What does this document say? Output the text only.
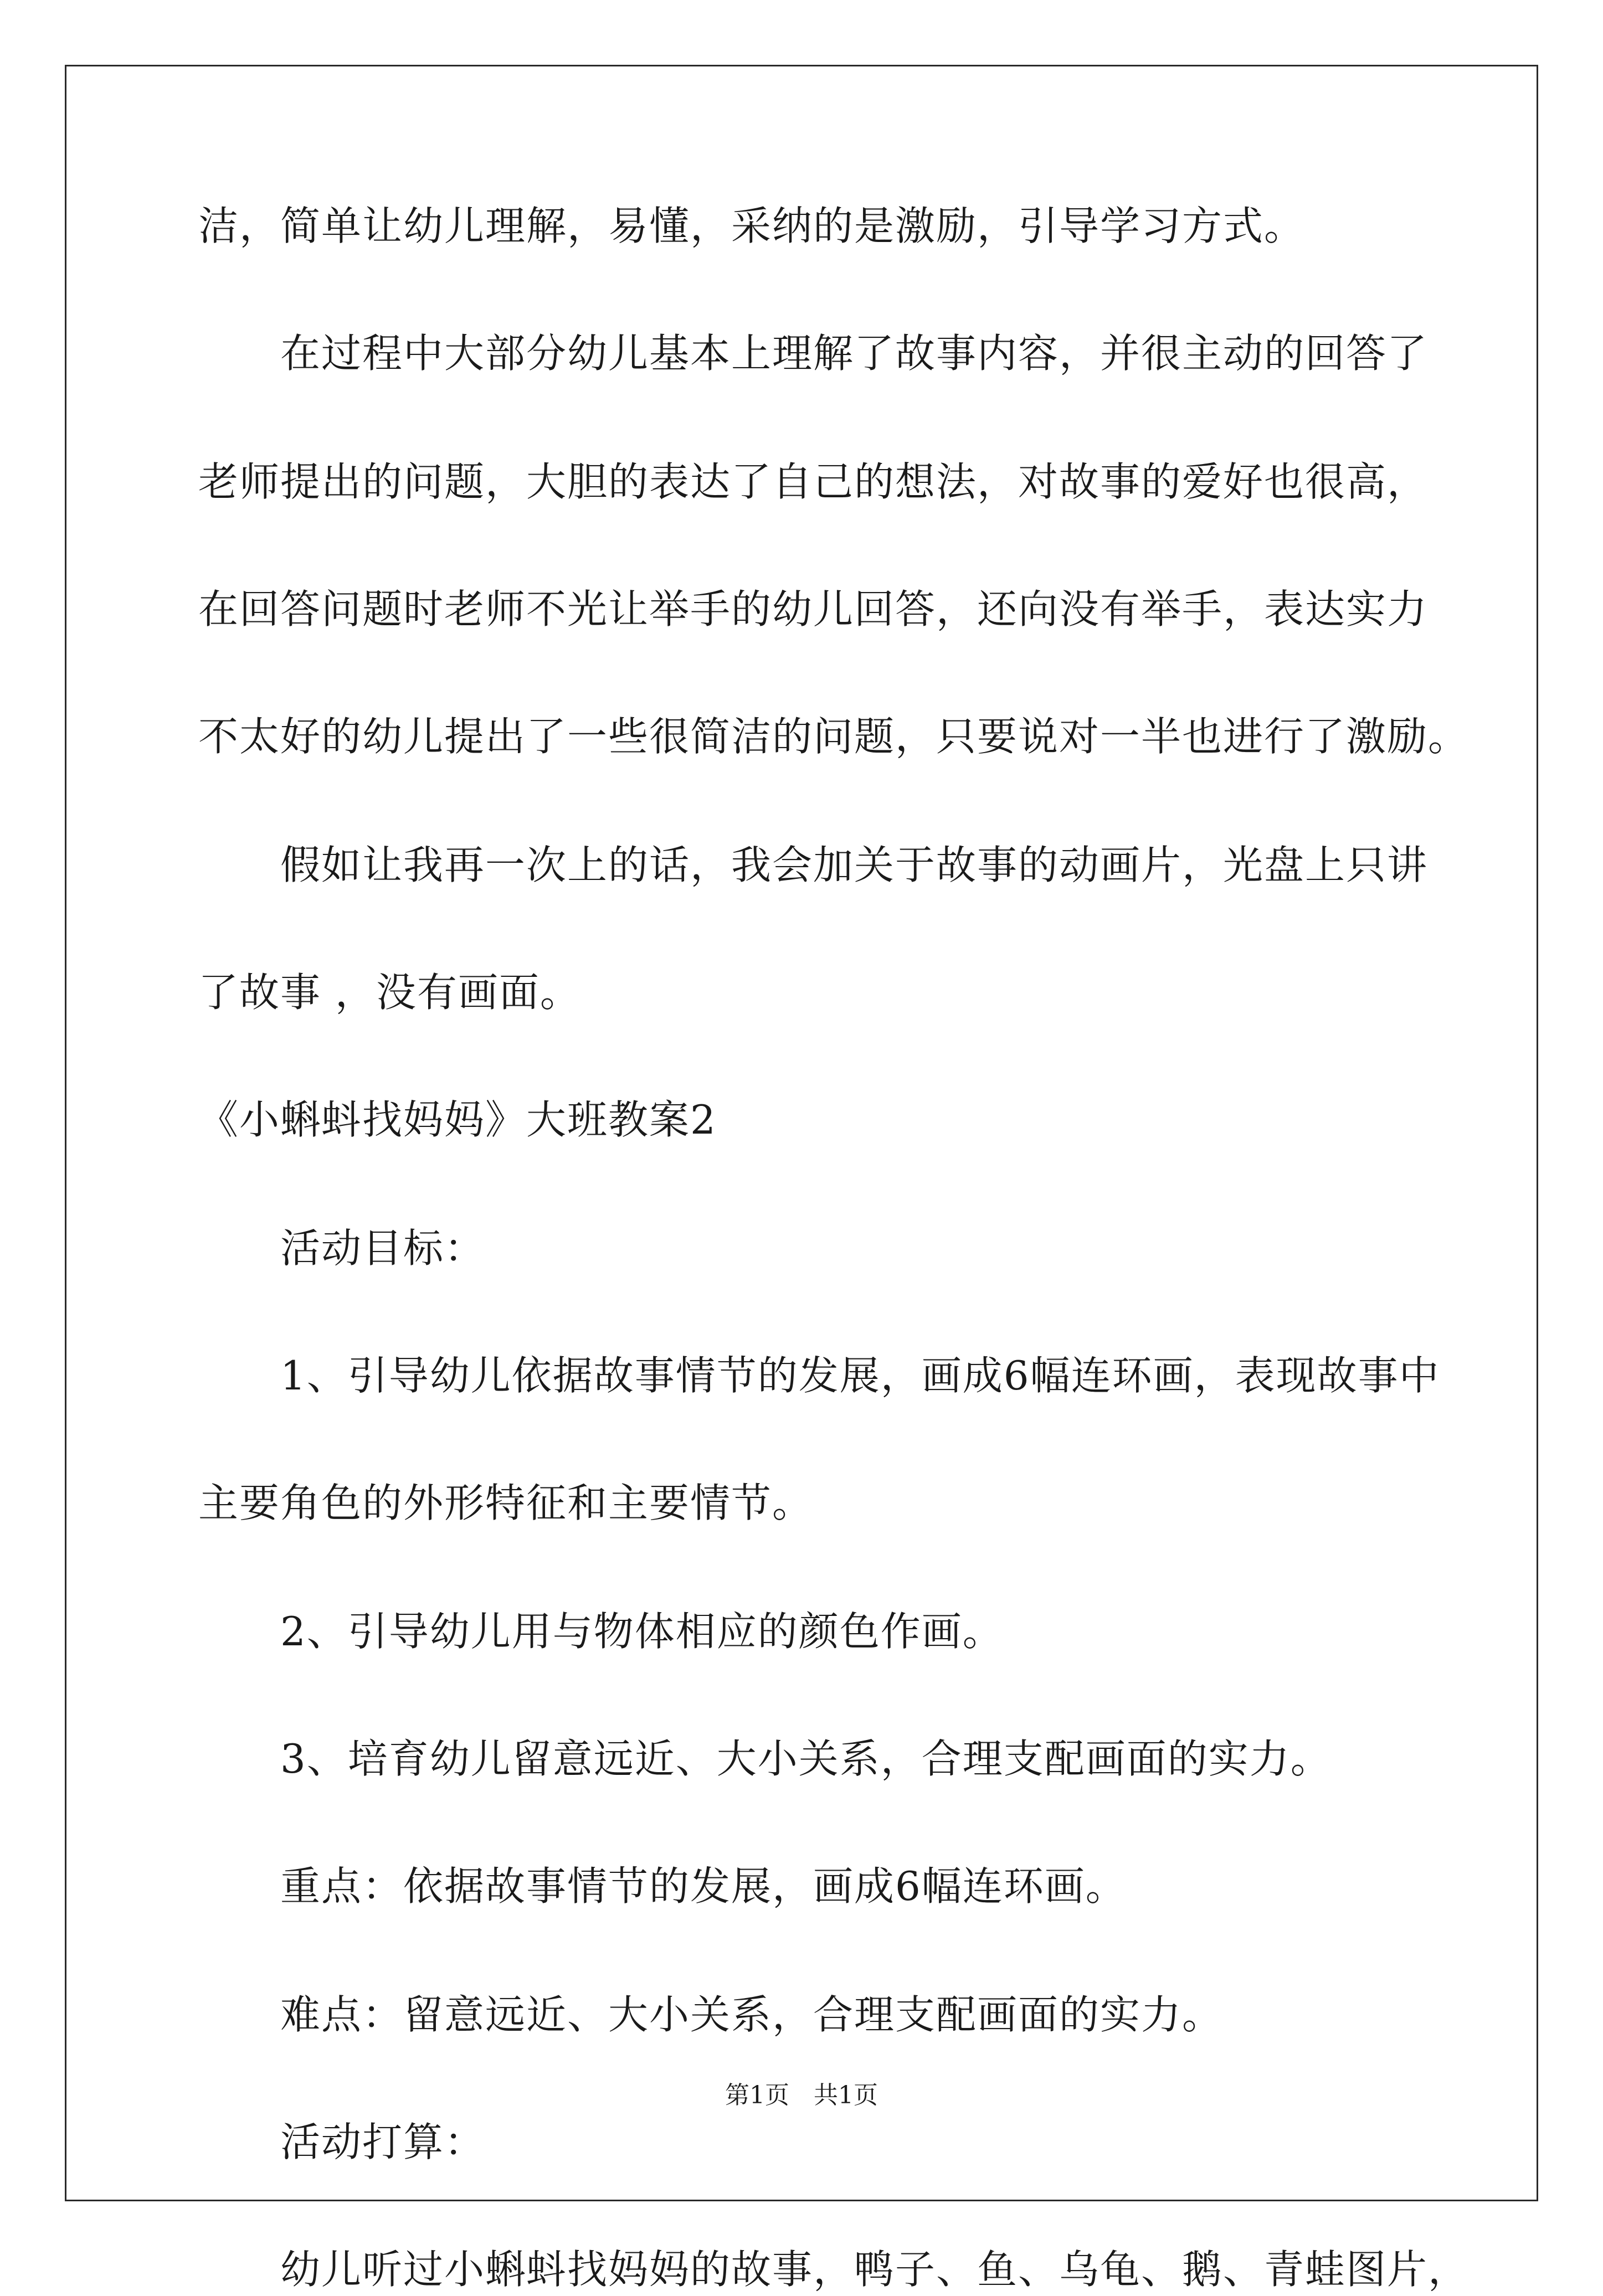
洁，简单让幼儿理解，易懂，采纳的是激励，引导学习方式。
在过程中大部分幼儿基本上理解了故事内容，并很主动的回答了
老师提出的问题，大胆的表达了自己的想法，对故事的爱好也很高，
在回答问题时老师不光让举手的幼儿回答，还向没有举手，表达实力
不太好的幼儿提出了一些很简洁的问题，只要说对一半也进行了激励。
假如让我再一次上的话，我会加关于故事的动画片，光盘上只讲
了故事 ，没有画面。
《小蝌蚪找妈妈》大班教案2
活动目标：
1、引导幼儿依据故事情节的发展，画成6幅连环画，表现故事中
主要角色的外形特征和主要情节。
2、引导幼儿用与物体相应的颜色作画。
3、培育幼儿留意远近、大小关系，合理支配画面的实力。
重点：依据故事情节的发展，画成6幅连环画。
难点：留意远近、大小关系，合理支配画面的实力。
活动打算：
幼儿听过小蝌蚪找妈妈的故事，鸭子、鱼、乌龟、鹅、青蛙图片，
第1页　共1页
